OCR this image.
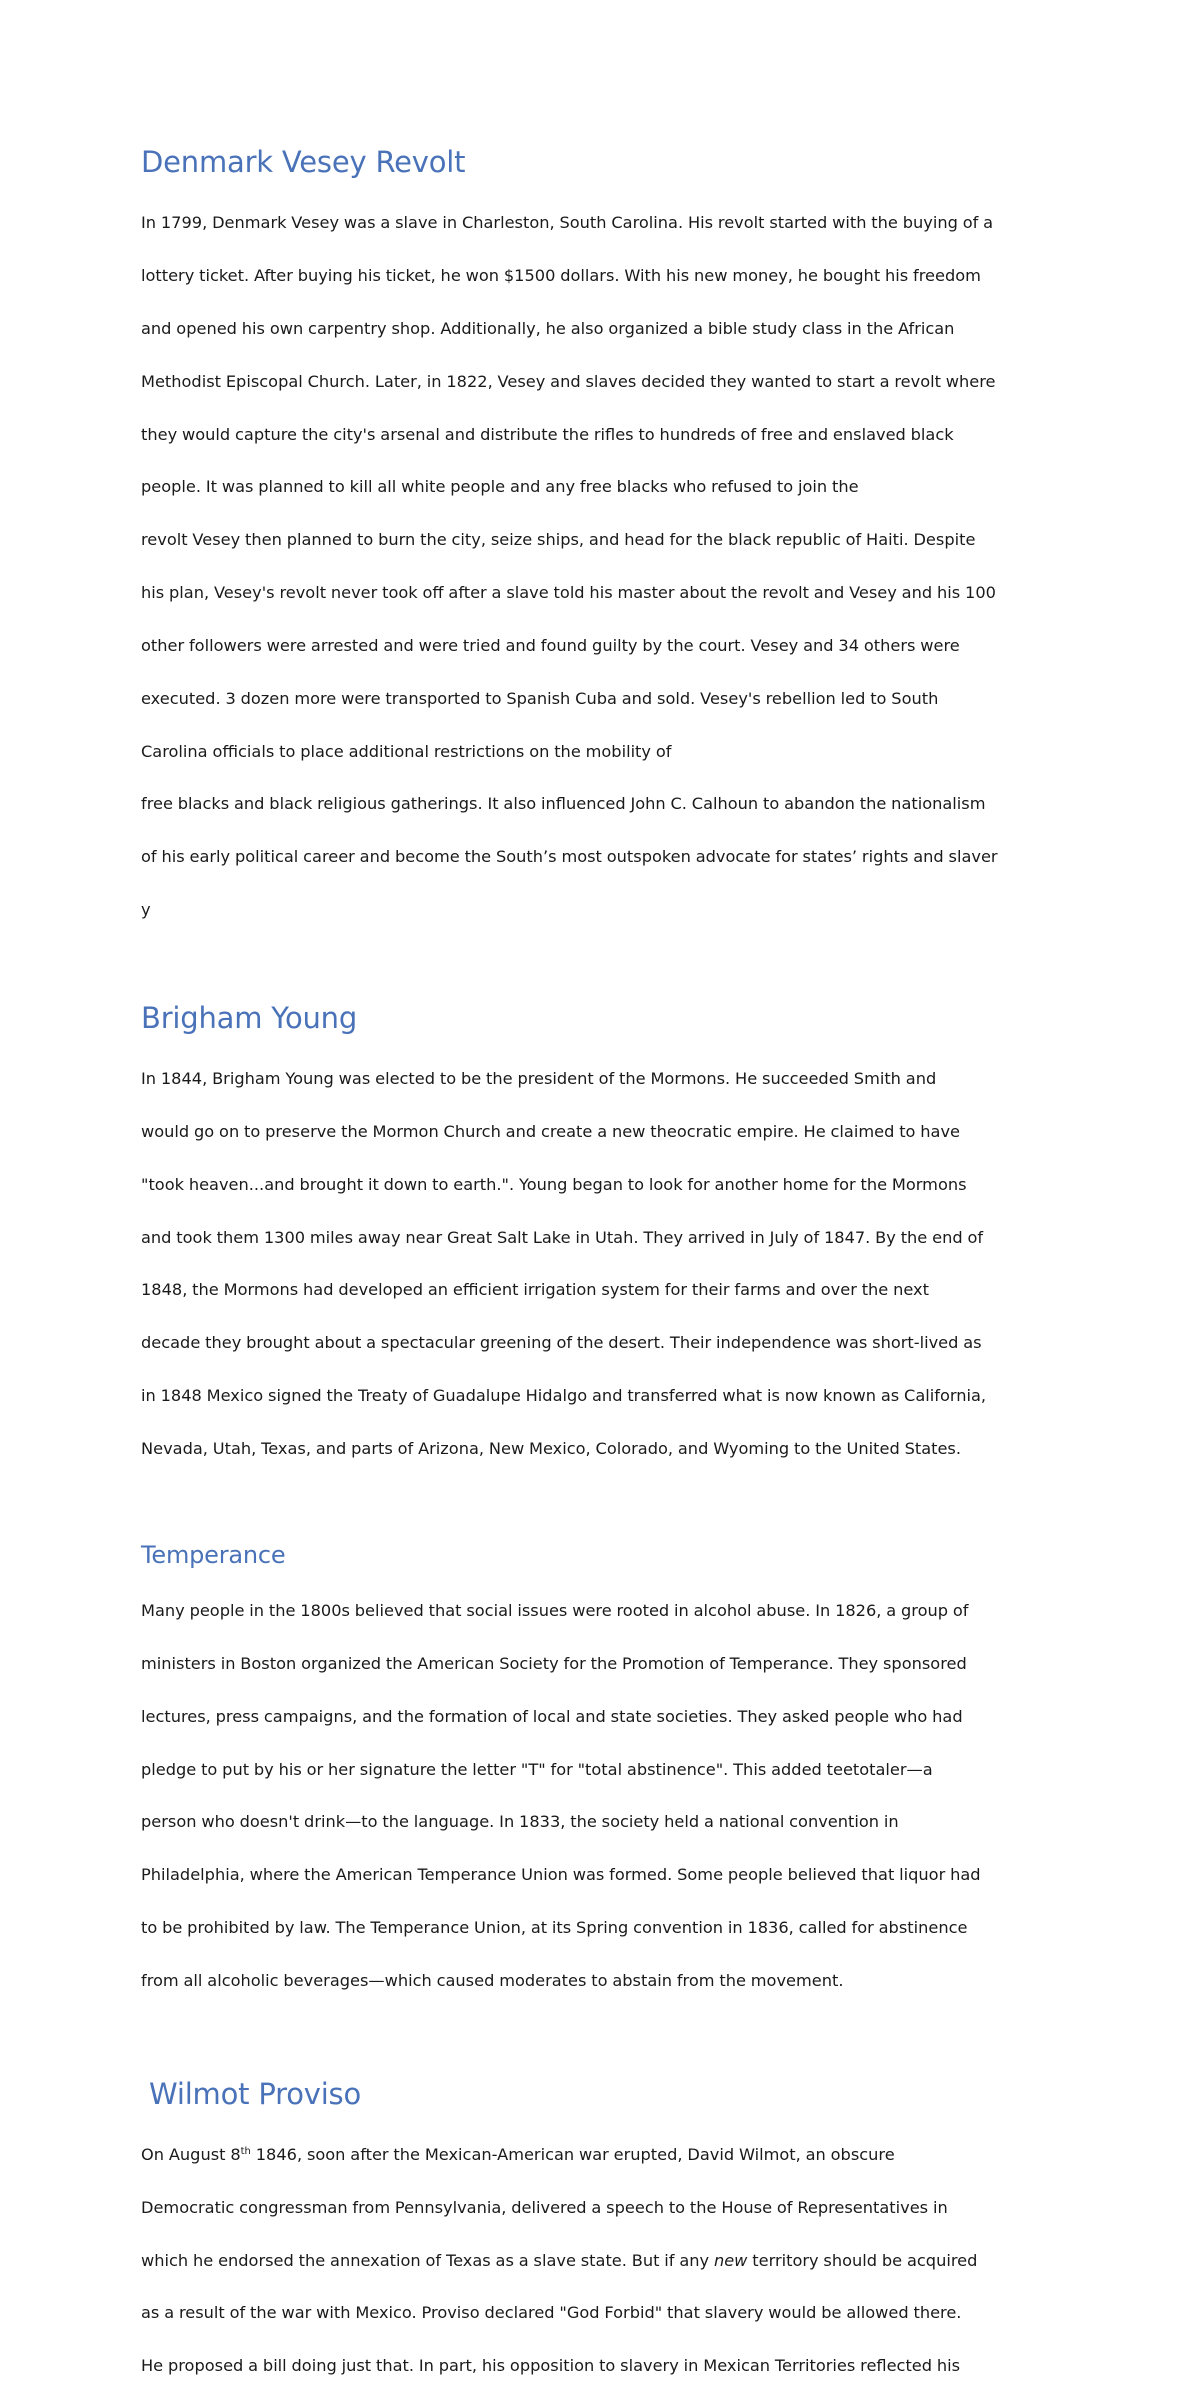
Denmark Vesey Revolt

In 1799, Denmark Vesey was a slave in Charleston, South Carolina. His revolt started with the buying of a

lottery ticket. After buying his ticket, he won $1500 dollars. With his new money, he bought his freedom

and opened his own carpentry shop. Additionally, he also organized a bible study class in the African

Methodist Episcopal Church. Later, in 1822, Vesey and slaves decided they wanted to start a revolt where

they would capture the city's arsenal and distribute the rifles to hundreds of free and enslaved black

people. It was planned to kill all white people and any free blacks who refused to join the

revolt Vesey then planned to burn the city, seize ships, and head for the black republic of Haiti. Despite

his plan, Vesey's revolt never took off after a slave told his master about the revolt and Vesey and his 100

other followers were arrested and were tried and found guilty by the court. Vesey and 34 others were

executed. 3 dozen more were transported to Spanish Cuba and sold. Vesey's rebellion led to South

Carolina officials to place additional restrictions on the mobility of

free blacks and black religious gatherings. It also influenced John C. Calhoun to abandon the nationalism

of his early political career and become the South’s most outspoken advocate for states’ rights and slaver

y

Brigham Young

In 1844, Brigham Young was elected to be the president of the Mormons. He succeeded Smith and

would go on to preserve the Mormon Church and create a new theocratic empire. He claimed to have

"took heaven...and brought it down to earth.". Young began to look for another home for the Mormons

and took them 1300 miles away near Great Salt Lake in Utah. They arrived in July of 1847. By the end of

1848, the Mormons had developed an efficient irrigation system for their farms and over the next

decade they brought about a spectacular greening of the desert. Their independence was short-lived as

in 1848 Mexico signed the Treaty of Guadalupe Hidalgo and transferred what is now known as California,

Nevada, Utah, Texas, and parts of Arizona, New Mexico, Colorado, and Wyoming to the United States.

Temperance

Many people in the 1800s believed that social issues were rooted in alcohol abuse. In 1826, a group of

ministers in Boston organized the American Society for the Promotion of Temperance. They sponsored

lectures, press campaigns, and the formation of local and state societies. They asked people who had

pledge to put by his or her signature the letter "T" for "total abstinence". This added teetotaler—a

person who doesn't drink—to the language. In 1833, the society held a national convention in

Philadelphia, where the American Temperance Union was formed. Some people believed that liquor had

to be prohibited by law. The Temperance Union, at its Spring convention in 1836, called for abstinence

from all alcoholic beverages—which caused moderates to abstain from the movement.

Wilmot Proviso

On August 8th 1846, soon after the Mexican-American war erupted, David Wilmot, an obscure

Democratic congressman from Pennsylvania, delivered a speech to the House of Representatives in

which he endorsed the annexation of Texas as a slave state. But if any new territory should be acquired

as a result of the war with Mexico. Proviso declared "God Forbid" that slavery would be allowed there.

He proposed a bill doing just that. In part, his opposition to slavery in Mexican Territories reflected his
